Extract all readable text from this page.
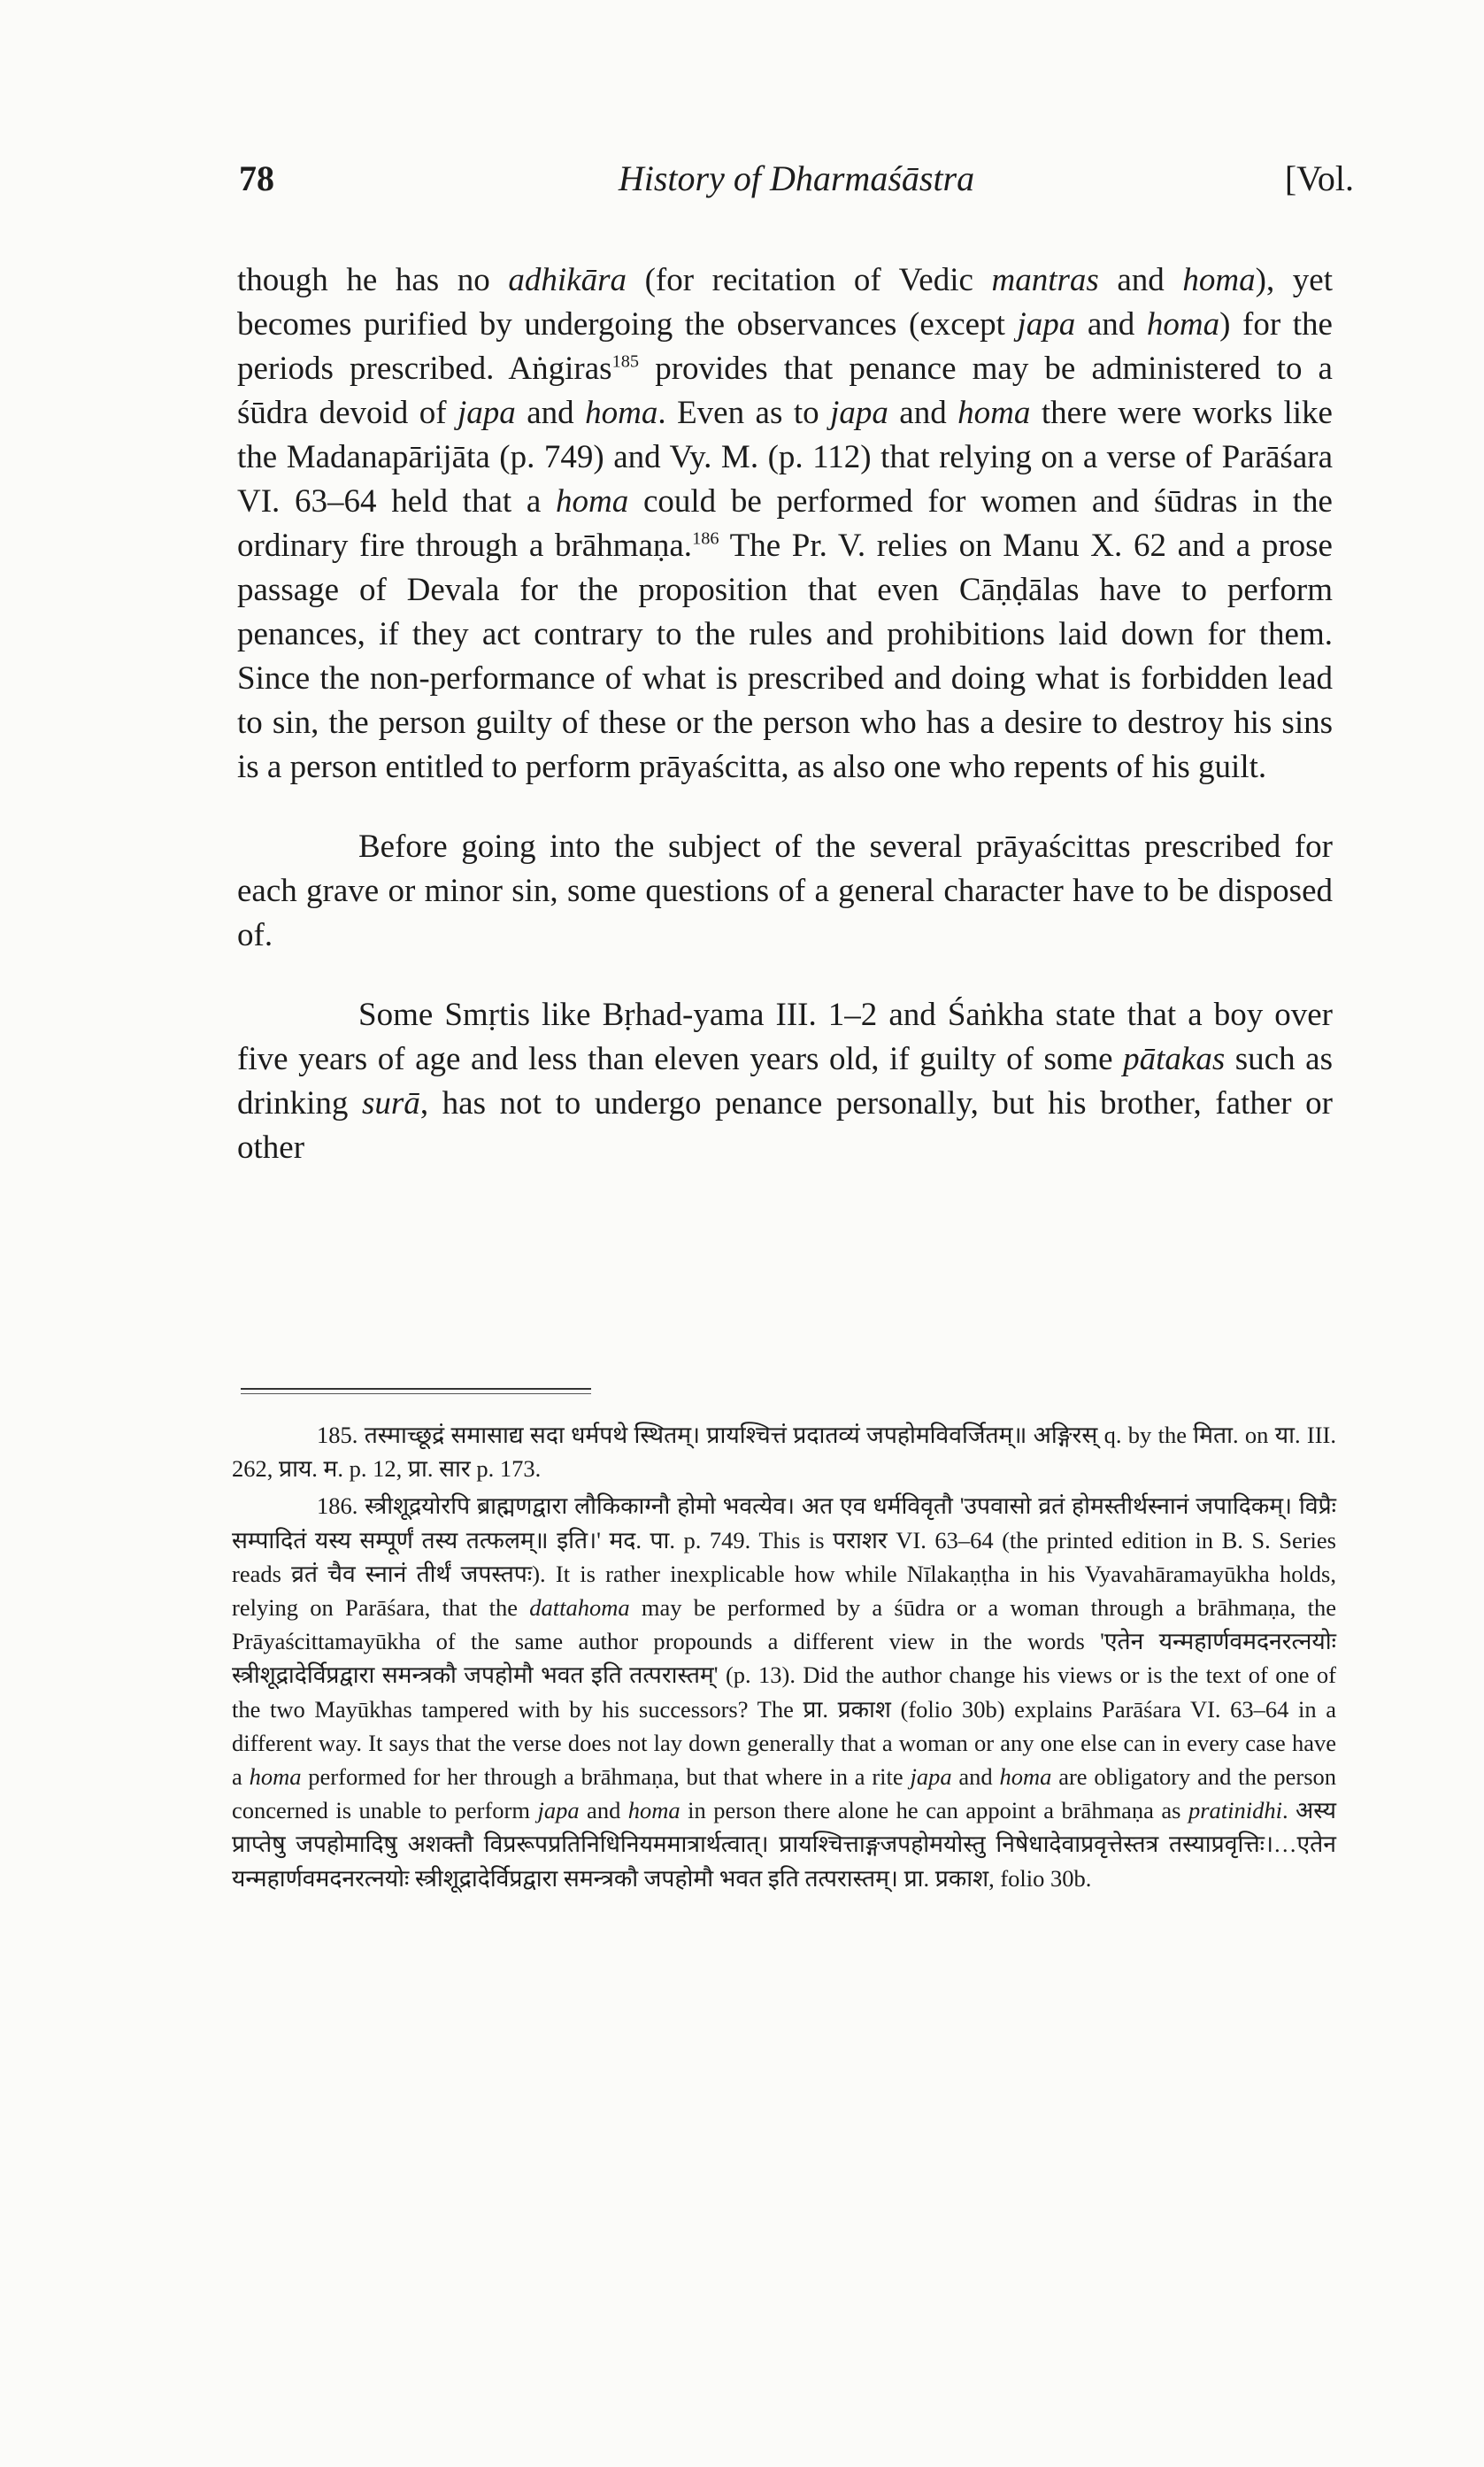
78	History of Dharmaśāstra	[Vol.

though he has no adhikāra (for recitation of Vedic mantras and homa), yet becomes purified by undergoing the observances (except japa and homa) for the periods prescribed. Aṅgiras$^{185}$ provides that penance may be administered to a śūdra devoid of japa and homa. Even as to japa and homa there were works like the Madanapārijāta (p. 749) and Vy. M. (p. 112) that relying on a verse of Parāśara VI. 63–64 held that a homa could be performed for women and śūdras in the ordinary fire through a brāhmaṇa.$^{186}$ The Pr. V. relies on Manu X. 62 and a prose passage of Devala for the proposition that even Cāṇḍālas have to perform penances, if they act contrary to the rules and prohibitions laid down for them. Since the non-performance of what is prescribed and doing what is forbidden lead to sin, the person guilty of these or the person who has a desire to destroy his sins is a person entitled to perform prāyaścitta, as also one who repents of his guilt.

Before going into the subject of the several prāyaścittas prescribed for each grave or minor sin, some questions of a general character have to be disposed of.

Some Smṛtis like Bṛhad-yama III. 1–2 and Śaṅkha state that a boy over five years of age and less than eleven years old, if guilty of some pātakas such as drinking surā, has not to undergo penance personally, but his brother, father or other

185. तस्माच्छूद्रं समासाद्य सदा धर्मपथे स्थितम्। प्रायश्चित्तं प्रदातव्यं जपहोमविवर्जितम्॥ अङ्गिरस् q. by the मिता. on या. III. 262, प्राय. म. p. 12, प्रा. सार p. 173.

186. स्त्रीशूद्रयोरपि ब्राह्मणद्वारा लौकिकाग्नौ होमो भवत्येव। अत एव धर्मविवृतौ 'उपवासो व्रतं होमस्तीर्थस्नानं जपादिकम्। विप्रैः सम्पादितं यस्य सम्पूर्णं तस्य तत्फलम्॥ इति।' मद. पा. p. 749. This is पराशर VI. 63–64 (the printed edition in B. S. Series reads व्रतं चैव स्नानं तीर्थं जपस्तपः). It is rather inexplicable how while Nīlakaṇṭha in his Vyavahāramayūkha holds, relying on Parāśara, that the dattahoma may be performed by a śūdra or a woman through a brāhmaṇa, the Prāyaścittamayūkha of the same author propounds a different view in the words 'एतेन यन्महार्णवमदनरत्नयोः स्त्रीशूद्रादेर्विप्रद्वारा समन्त्रकौ जपहोमौ भवत इति तत्परास्तम्' (p. 13). Did the author change his views or is the text of one of the two Mayūkhas tampered with by his successors? The प्रा. प्रकाश (folio 30b) explains Parāśara VI. 63–64 in a different way. It says that the verse does not lay down generally that a woman or any one else can in every case have a homa performed for her through a brāhmaṇa, but that where in a rite japa and homa are obligatory and the person concerned is unable to perform japa and homa in person there alone he can appoint a brāhmaṇa as pratinidhi. अस्य प्राप्तेषु जपहोमादिषु अशक्तौ विप्ररूपप्रतिनिधिनियममात्रार्थत्वात्। प्रायश्चित्ताङ्गजपहोमयोस्तु निषेधादेवाप्रवृत्तेस्तत्र तस्याप्रवृत्तिः।…एतेन यन्महार्णवमदनरत्नयोः स्त्रीशूद्रादेर्विप्रद्वारा समन्त्रकौ जपहोमौ भवत इति तत्परास्तम्। प्रा. प्रकाश, folio 30b.
